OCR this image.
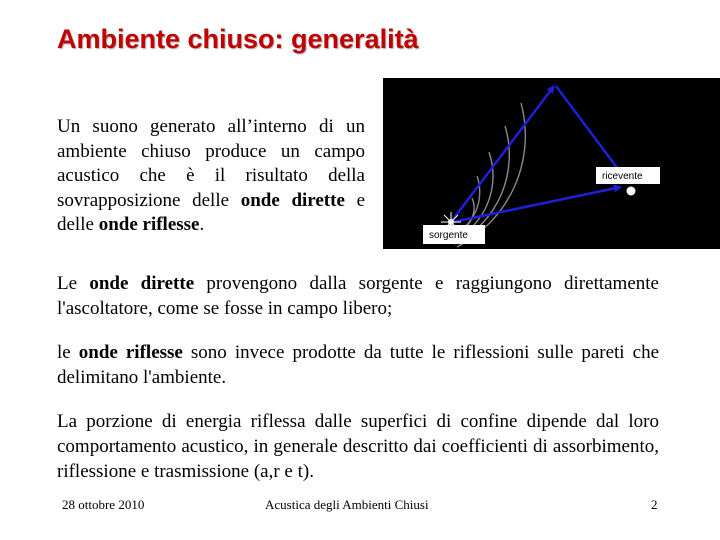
Ambiente chiuso: generalità
Un suono generato all’interno di un ambiente chiuso produce un campo acustico che è il risultato della sovrapposizione delle onde dirette e delle onde riflesse.
sorgente
ricevente
Le onde dirette provengono dalla sorgente e raggiungono direttamente l'ascoltatore, come se fosse in campo libero;
le onde riflesse sono invece prodotte da tutte le riflessioni sulle pareti che delimitano l'ambiente.
La porzione di energia riflessa dalle superfici di confine dipende dal loro comportamento acustico, in generale descritto dai coefficienti di assorbimento, riflessione e trasmissione (a,r e t).
28 ottobre 2010	Acustica degli Ambienti Chiusi	2
